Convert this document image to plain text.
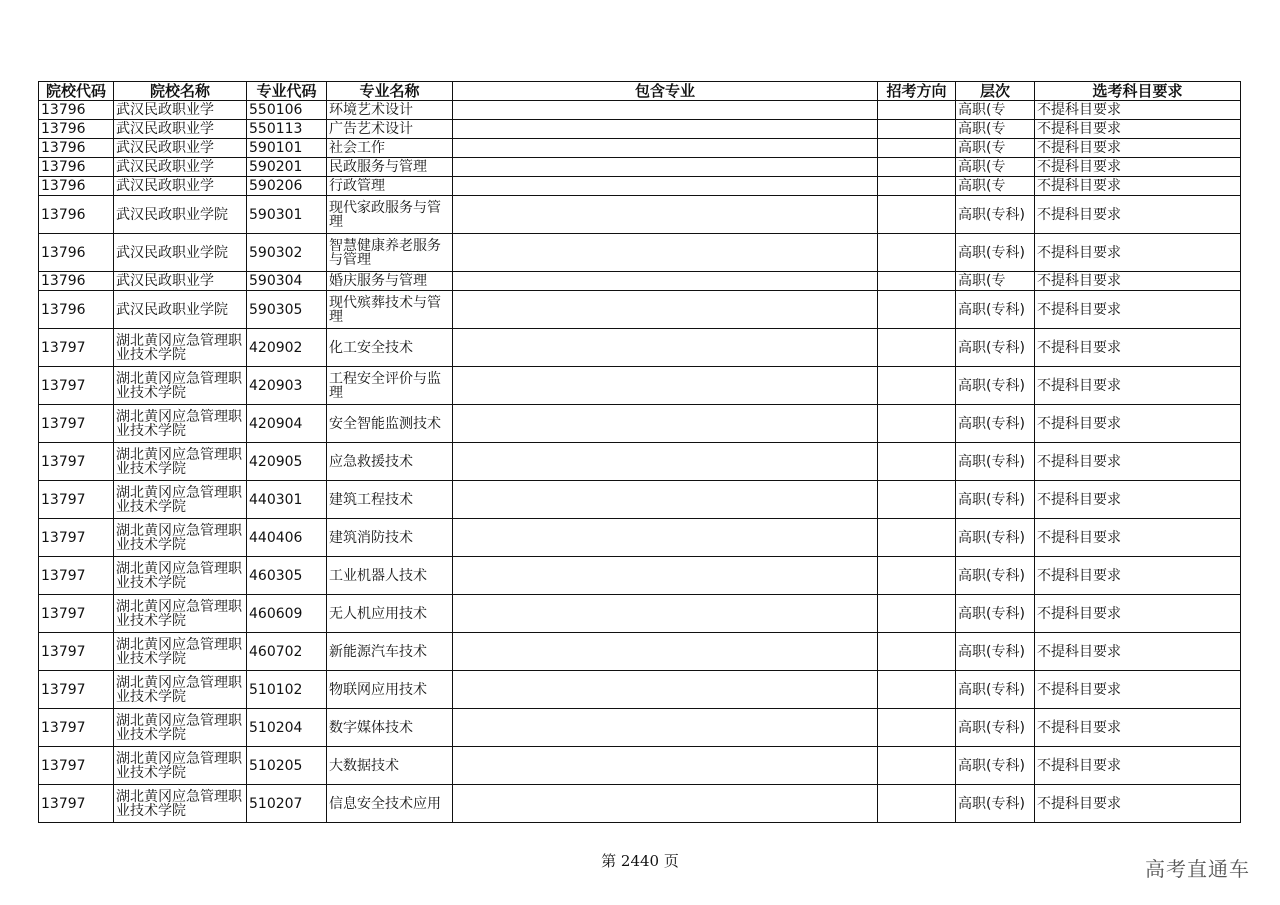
院校代码	院校名称	专业代码	专业名称	包含专业	招考方向	层次	选考科目要求
13796	武汉民政职业学	550106	环境艺术设计			高职(专	不提科目要求
13796	武汉民政职业学	550113	广告艺术设计			高职(专	不提科目要求
13796	武汉民政职业学	590101	社会工作			高职(专	不提科目要求
13796	武汉民政职业学	590201	民政服务与管理			高职(专	不提科目要求
13796	武汉民政职业学	590206	行政管理			高职(专	不提科目要求
13796	武汉民政职业学院	590301	现代家政服务与管理			高职(专科)	不提科目要求
13796	武汉民政职业学院	590302	智慧健康养老服务与管理			高职(专科)	不提科目要求
13796	武汉民政职业学	590304	婚庆服务与管理			高职(专	不提科目要求
13796	武汉民政职业学院	590305	现代殡葬技术与管理			高职(专科)	不提科目要求
13797	湖北黄冈应急管理职业技术学院	420902	化工安全技术			高职(专科)	不提科目要求
13797	湖北黄冈应急管理职业技术学院	420903	工程安全评价与监理			高职(专科)	不提科目要求
13797	湖北黄冈应急管理职业技术学院	420904	安全智能监测技术			高职(专科)	不提科目要求
13797	湖北黄冈应急管理职业技术学院	420905	应急救援技术			高职(专科)	不提科目要求
13797	湖北黄冈应急管理职业技术学院	440301	建筑工程技术			高职(专科)	不提科目要求
13797	湖北黄冈应急管理职业技术学院	440406	建筑消防技术			高职(专科)	不提科目要求
13797	湖北黄冈应急管理职业技术学院	460305	工业机器人技术			高职(专科)	不提科目要求
13797	湖北黄冈应急管理职业技术学院	460609	无人机应用技术			高职(专科)	不提科目要求
13797	湖北黄冈应急管理职业技术学院	460702	新能源汽车技术			高职(专科)	不提科目要求
13797	湖北黄冈应急管理职业技术学院	510102	物联网应用技术			高职(专科)	不提科目要求
13797	湖北黄冈应急管理职业技术学院	510204	数字媒体技术			高职(专科)	不提科目要求
13797	湖北黄冈应急管理职业技术学院	510205	大数据技术			高职(专科)	不提科目要求
13797	湖北黄冈应急管理职业技术学院	510207	信息安全技术应用			高职(专科)	不提科目要求
第 2440 页	高考直通车
